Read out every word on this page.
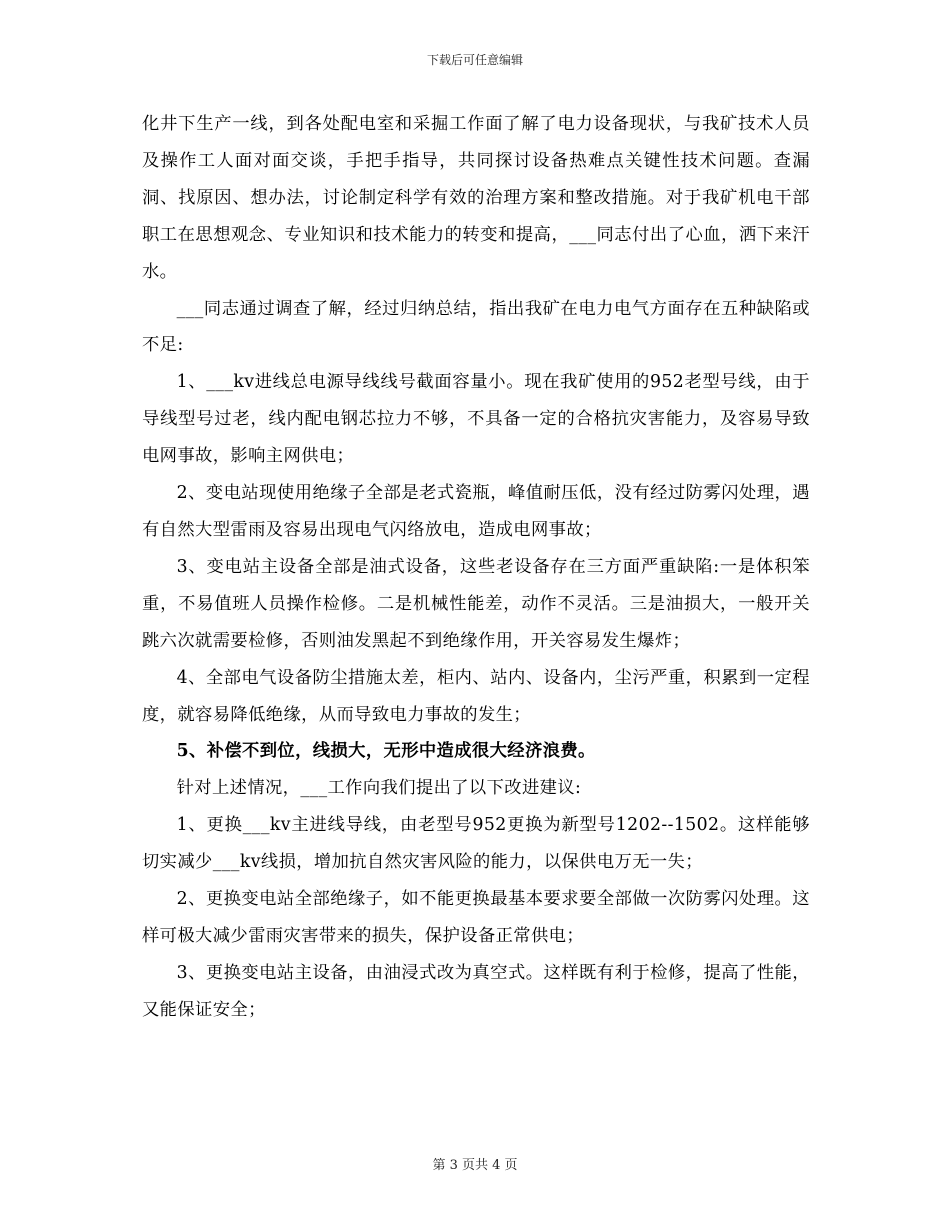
下载后可任意编辑

化井下生产一线，到各处配电室和采掘工作面了解了电力设备现状，与我矿技术人员及操作工人面对面交谈，手把手指导，共同探讨设备热难点关键性技术问题。查漏洞、找原因、想办法，讨论制定科学有效的治理方案和整改措施。对于我矿机电干部职工在思想观念、专业知识和技术能力的转变和提高，___同志付出了心血，洒下来汗水。

___同志通过调查了解，经过归纳总结，指出我矿在电力电气方面存在五种缺陷或不足:

1、___kv进线总电源导线线号截面容量小。现在我矿使用的952老型号线，由于导线型号过老，线内配电钢芯拉力不够，不具备一定的合格抗灾害能力，及容易导致电网事故，影响主网供电；

2、变电站现使用绝缘子全部是老式瓷瓶，峰值耐压低，没有经过防雾闪处理，遇有自然大型雷雨及容易出现电气闪络放电，造成电网事故；

3、变电站主设备全部是油式设备，这些老设备存在三方面严重缺陷:一是体积笨重，不易值班人员操作检修。二是机械性能差，动作不灵活。三是油损大，一般开关跳六次就需要检修，否则油发黑起不到绝缘作用，开关容易发生爆炸；

4、全部电气设备防尘措施太差，柜内、站内、设备内，尘污严重，积累到一定程度，就容易降低绝缘，从而导致电力事故的发生；

5、补偿不到位，线损大，无形中造成很大经济浪费。

针对上述情况，___工作向我们提出了以下改进建议:

1、更换___kv主进线导线，由老型号952更换为新型号1202--1502。这样能够切实减少___kv线损，增加抗自然灾害风险的能力，以保供电万无一失；

2、更换变电站全部绝缘子，如不能更换最基本要求要全部做一次防雾闪处理。这样可极大减少雷雨灾害带来的损失，保护设备正常供电；

3、更换变电站主设备，由油浸式改为真空式。这样既有利于检修，提高了性能，又能保证安全；

第 3 页共 4 页
